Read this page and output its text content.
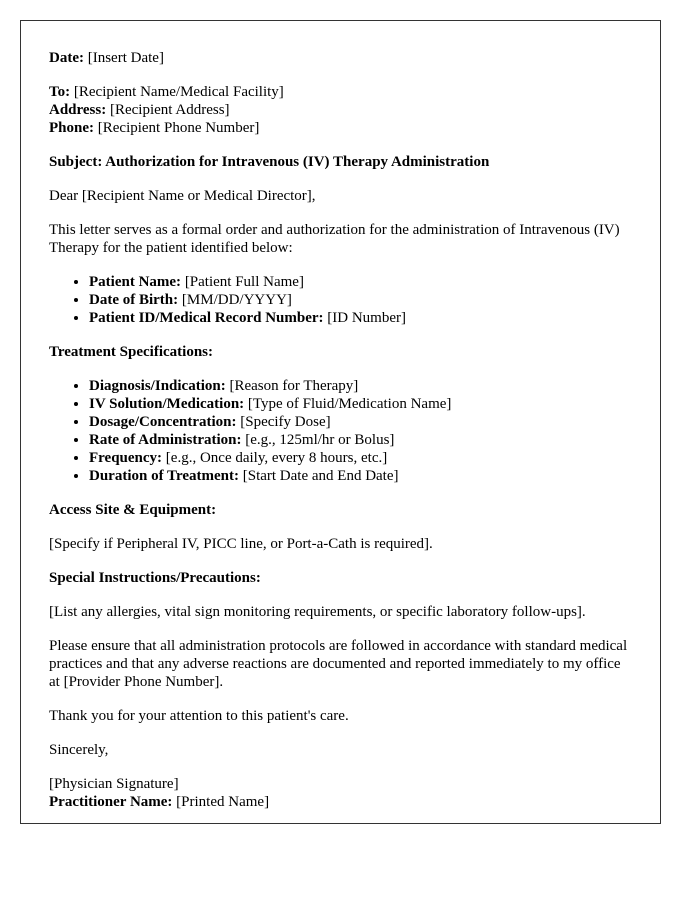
Date: [Insert Date]

To: [Recipient Name/Medical Facility]
Address: [Recipient Address]
Phone: [Recipient Phone Number]

Subject: Authorization for Intravenous (IV) Therapy Administration

Dear [Recipient Name or Medical Director],

This letter serves as a formal order and authorization for the administration of Intravenous (IV) Therapy for the patient identified below:

• Patient Name: [Patient Full Name]
• Date of Birth: [MM/DD/YYYY]
• Patient ID/Medical Record Number: [ID Number]

Treatment Specifications:

• Diagnosis/Indication: [Reason for Therapy]
• IV Solution/Medication: [Type of Fluid/Medication Name]
• Dosage/Concentration: [Specify Dose]
• Rate of Administration: [e.g., 125ml/hr or Bolus]
• Frequency: [e.g., Once daily, every 8 hours, etc.]
• Duration of Treatment: [Start Date and End Date]

Access Site & Equipment:

[Specify if Peripheral IV, PICC line, or Port-a-Cath is required].

Special Instructions/Precautions:

[List any allergies, vital sign monitoring requirements, or specific laboratory follow-ups].

Please ensure that all administration protocols are followed in accordance with standard medical practices and that any adverse reactions are documented and reported immediately to my office at [Provider Phone Number].

Thank you for your attention to this patient's care.

Sincerely,

[Physician Signature]
Practitioner Name: [Printed Name]
